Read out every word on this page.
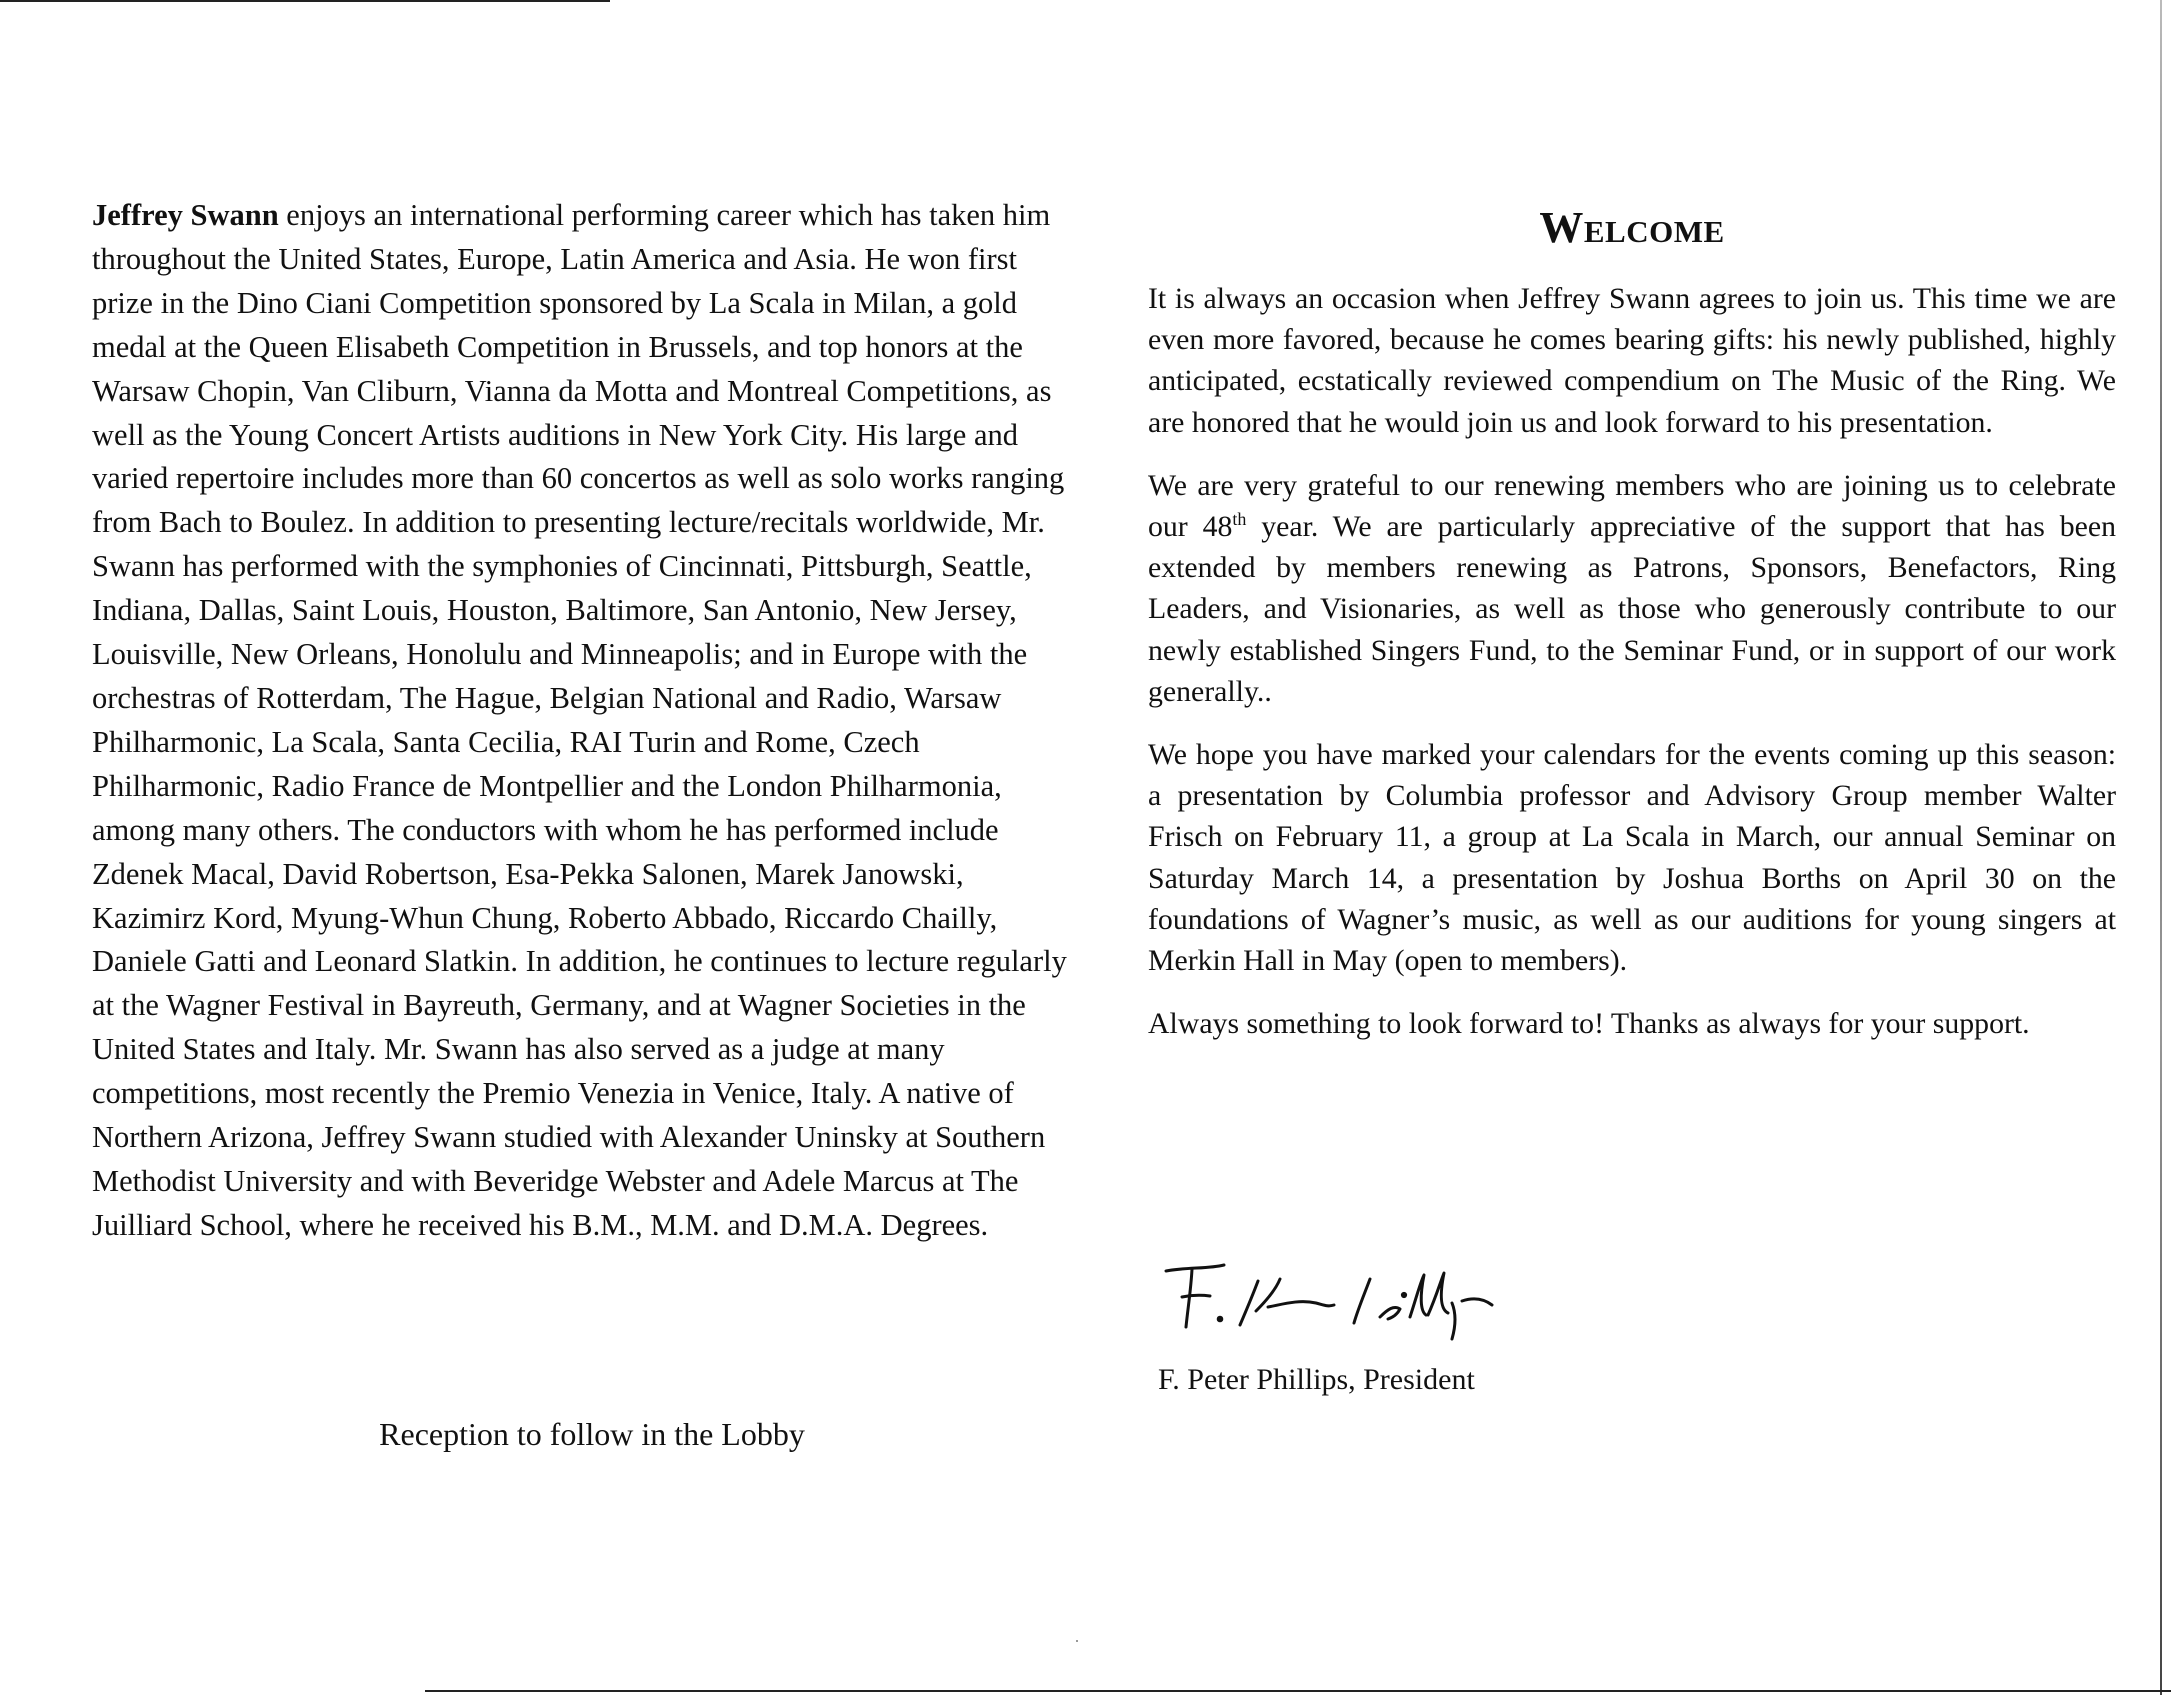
Jeffrey Swann enjoys an international performing career which has taken him throughout the United States, Europe, Latin America and Asia. He won first prize in the Dino Ciani Competition sponsored by La Scala in Milan, a gold medal at the Queen Elisabeth Competition in Brussels, and top honors at the Warsaw Chopin, Van Cliburn, Vianna da Motta and Montreal Competitions, as well as the Young Concert Artists auditions in New York City. His large and varied repertoire includes more than 60 concertos as well as solo works ranging from Bach to Boulez. In addition to presenting lecture/recitals worldwide, Mr. Swann has performed with the symphonies of Cincinnati, Pittsburgh, Seattle, Indiana, Dallas, Saint Louis, Houston, Baltimore, San Antonio, New Jersey, Louisville, New Orleans, Honolulu and Minneapolis; and in Europe with the orchestras of Rotterdam, The Hague, Belgian National and Radio, Warsaw Philharmonic, La Scala, Santa Cecilia, RAI Turin and Rome, Czech Philharmonic, Radio France de Montpellier and the London Philharmonia, among many others. The conductors with whom he has performed include Zdenek Macal, David Robertson, Esa-Pekka Salonen, Marek Janowski, Kazimirz Kord, Myung-Whun Chung, Roberto Abbado, Riccardo Chailly, Daniele Gatti and Leonard Slatkin. In addition, he continues to lecture regularly at the Wagner Festival in Bayreuth, Germany, and at Wagner Societies in the United States and Italy. Mr. Swann has also served as a judge at many competitions, most recently the Premio Venezia in Venice, Italy. A native of Northern Arizona, Jeffrey Swann studied with Alexander Uninsky at Southern Methodist University and with Beveridge Webster and Adele Marcus at The Juilliard School, where he received his B.M., M.M. and D.M.A. Degrees.

Reception to follow in the Lobby

Welcome

It is always an occasion when Jeffrey Swann agrees to join us. This time we are even more favored, because he comes bearing gifts: his newly published, highly anticipated, ecstatically reviewed compendium on The Music of the Ring. We are honored that he would join us and look forward to his presentation.

We are very grateful to our renewing members who are joining us to celebrate our 48th year. We are particularly appreciative of the support that has been extended by members renewing as Patrons, Sponsors, Benefactors, Ring Leaders, and Visionaries, as well as those who generously contribute to our newly established Singers Fund, to the Seminar Fund, or in support of our work generally..

We hope you have marked your calendars for the events coming up this season: a presentation by Columbia professor and Advisory Group member Walter Frisch on February 11, a group at La Scala in March, our annual Seminar on Saturday March 14, a presentation by Joshua Borths on April 30 on the foundations of Wagner’s music, as well as our auditions for young singers at Merkin Hall in May (open to members).

Always something to look forward to! Thanks as always for your support.

F. Peter Phillips, President
